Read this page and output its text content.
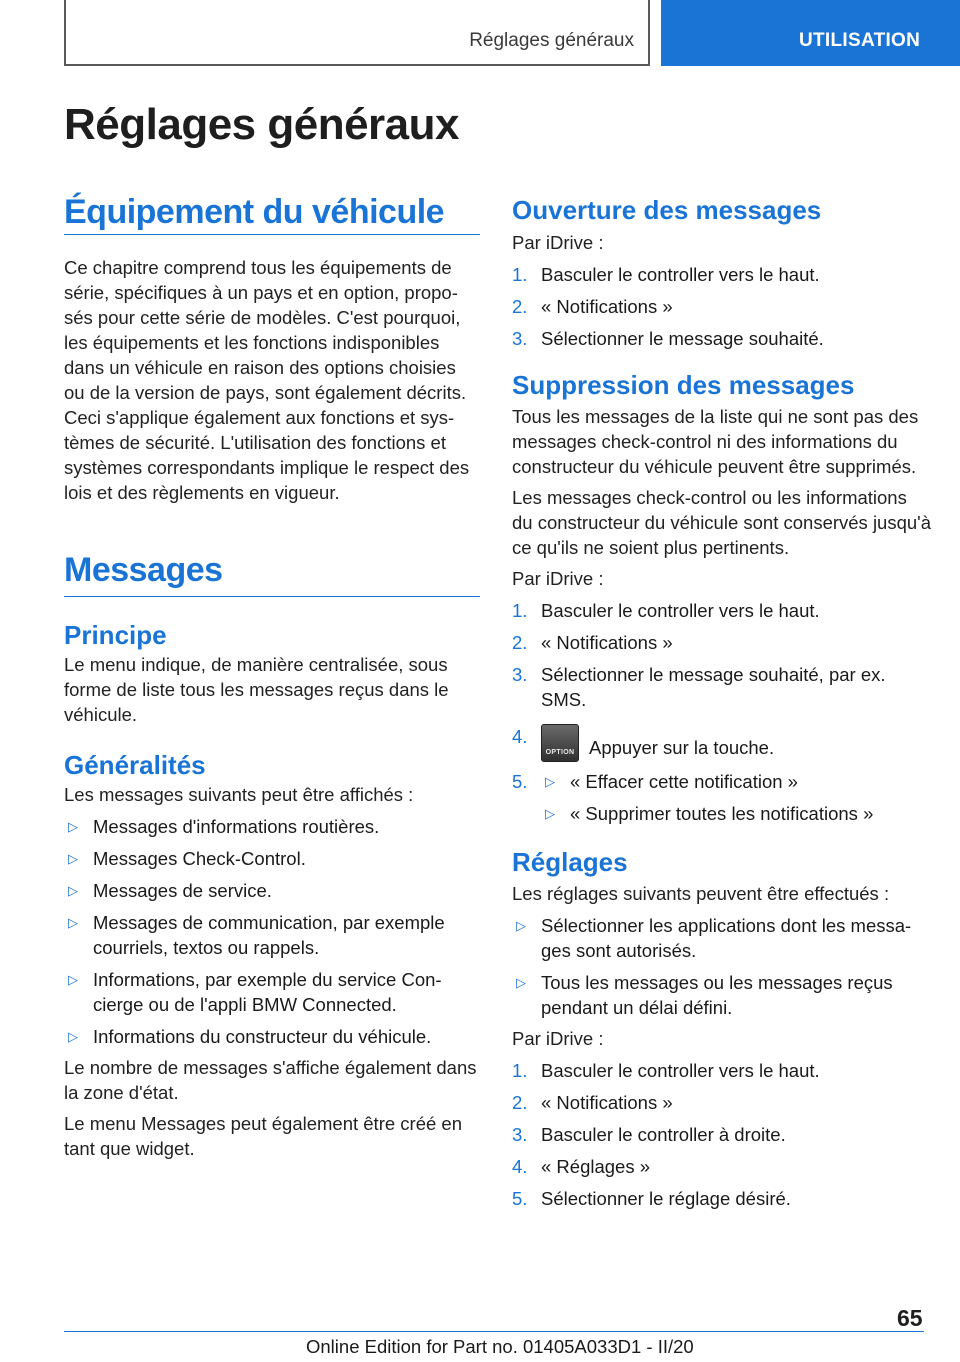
Réglages généraux	UTILISATION
Réglages généraux
Équipement du véhicule

Ce chapitre comprend tous les équipements de série, spécifiques à un pays et en option, proposés pour cette série de modèles. C'est pourquoi, les équipements et les fonctions indisponibles dans un véhicule en raison des options choisies ou de la version de pays, sont également décrits. Ceci s'applique également aux fonctions et systèmes de sécurité. L'utilisation des fonctions et systèmes correspondants implique le respect des lois et des règlements en vigueur.

Messages
Principe

Le menu indique, de manière centralisée, sous forme de liste tous les messages reçus dans le véhicule.

Généralités

Les messages suivants peut être affichés :

▷ Messages d'informations routières.
▷ Messages Check-Control.
▷ Messages de service.
▷ Messages de communication, par exemple courriels, textos ou rappels.
▷ Informations, par exemple du service Concierge ou de l'appli BMW Connected.
▷ Informations du constructeur du véhicule.

Le nombre de messages s'affiche également dans la zone d'état.

Le menu Messages peut également être créé en tant que widget.

Ouverture des messages

Par iDrive :

1. Basculer le controller vers le haut.
2. « Notifications »
3. Sélectionner le message souhaité.
Suppression des messages

Tous les messages de la liste qui ne sont pas des messages check-control ni des informations du constructeur du véhicule peuvent être supprimés.

Les messages check-control ou les informations du constructeur du véhicule sont conservés jusqu'à ce qu'ils ne soient plus pertinents.

Par iDrive :

1. Basculer le controller vers le haut.
2. « Notifications »
3. Sélectionner le message souhaité, par ex. SMS.
4.
OPTION Appuyer sur la touche.
5. ▷ « Effacer cette notification »
▷ « Supprimer toutes les notifications »
Réglages

Les réglages suivants peuvent être effectués :

▷ Sélectionner les applications dont les messages sont autorisés.
▷ Tous les messages ou les messages reçus pendant un délai défini.

Par iDrive :

1. Basculer le controller vers le haut.
2. « Notifications »
3. Basculer le controller à droite.
4. « Réglages »
5. Sélectionner le réglage désiré.
65
Online Edition for Part no. 01405A033D1 - II/20
